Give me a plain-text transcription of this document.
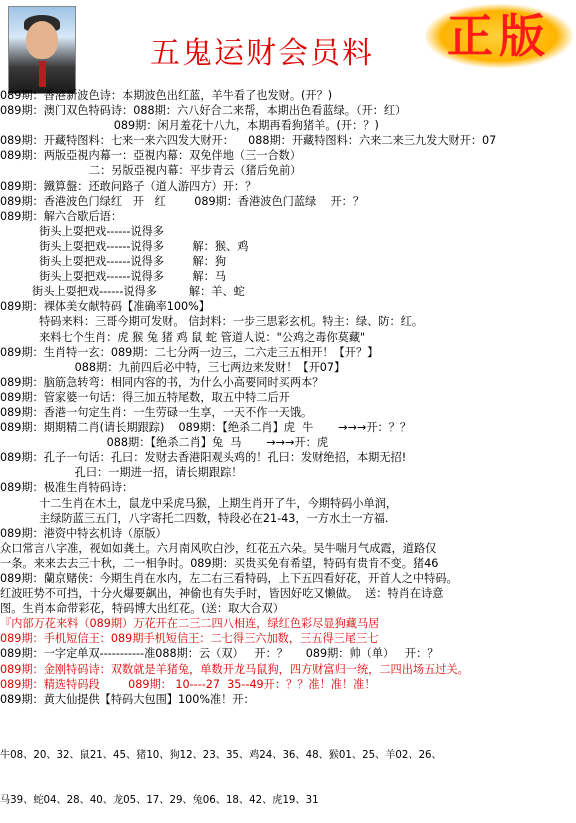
五鬼运财会员料	正版
089期：香港新波色诗：本期波色出红蓝，羊牛看了也发财。(开？)
089期：澳门双色特码诗：088期：六八好合二来帮，本期出色看蓝绿。（开：红）
089期：闲月羞花十八九，本期再看狗猪羊。(开：？)
089期：开藏特图料：七来一来六四发大财开：    088期：开藏特图料：六来二来三九发大财开：07
089期：两版亞視内幕一：亞視内幕：双免伴地（三一合数）
二：另版亞視内幕：平步青云（猪后免前）
089期：鐵算盤：还敢问路子（道人游四方）开：？
089期：香港波色门绿红   开   红        089期：香港波色门蓝绿    开：？
089期：解六合歇后语：
街头上耍把戏------说得多
街头上耍把戏------说得多        解：猴、鸡
街头上耍把戏------说得多        解：狗
街头上耍把戏------说得多        解：马
街头上耍把戏------说得多         解：羊、蛇
089期：裸体美女献特码【准确率100%】
特码来料：三哥今期可发财。 信封料：一步三思彩玄机。特主：绿、防：红。
来料七个生肖：虎 猴 兔 猪 鸡 鼠 蛇 管道人说："公鸡之毒你莫藏"
089期：生肖特一玄：089期：二七分两一边三，二六走三五相开！【开？】
088期：九前四后必中特，三七两边来发财！【开07】
089期：脑筋急转弯：相同内容的书，为什么小高要同时买两本？
089期：管家婆一句话：得三加五特尾数，取五中特二后开
089期：香港一句定生肖：一生劳碌一生享，一天不作一天饿。
089期：期期精二肖(请长期跟踪)    089期：【绝杀二肖】虎  牛       →→→开：？？
088期：【绝杀二肖】兔  马       →→→开：虎
089期：孔子一句话：孔曰：发财去香港阳观头鸡的！孔曰：发财绝招，本期无招!
孔曰：一期进一招，请长期跟踪！
089期：极准生肖特码诗：
十二生肖在木土，鼠龙中采虎马猴，上期生肖开了牛，今期特码小单润，
主绿防蓝三五门，八字寄托二四数，特段必在21-43，一方水土一方福.
089期：港资中特玄机诗（原版）
众口常言八字准，视如如龚土。六月南风吹白沙，红花五六朵。吴牛喘月气成霞，道路仅
一条。来来去去三十秋，二一相争时。089期：买贵买免有希望，特码有贵肯不变。猪46
089期：蘭京赌侠：今期生肖在水内，左二右三看特码，上下五四看好花，开首人之中特码。
红波旺势不可挡，十分火爆要飙出，神偷也有失手时，皆因好吃又懒做。  送：特肖在诗意
图。生肖本命带彩花，特码博大出红花。(送：取大合双）
『内部万花来料（089期）万花开在二三二四八相连，绿红色彩尽显狗藏马居
089期：手机短信王：089期手机短信王：二七得三六加数，三五得三尾三七
089期：一字定单双-----------准088期：云（双）   开：？     089期：帅（单）   开：？
089期：金刚特码诗：双数就是羊猪兔，单数开龙马鼠狗，四方财富归一统，二四出场五过关。
089期：精选特码段        089期： 10----27  35--49开：？？准！准！准！
089期：黄大仙提供【特码大包围】100%准！开：

牛08、20、32、鼠21、45、猪10、狗12、23、35、鸡24、36、48、猴01、25、羊02、26、

马39、蛇04、28、40、龙05、17、29、兔06、18、42、虎19、31
